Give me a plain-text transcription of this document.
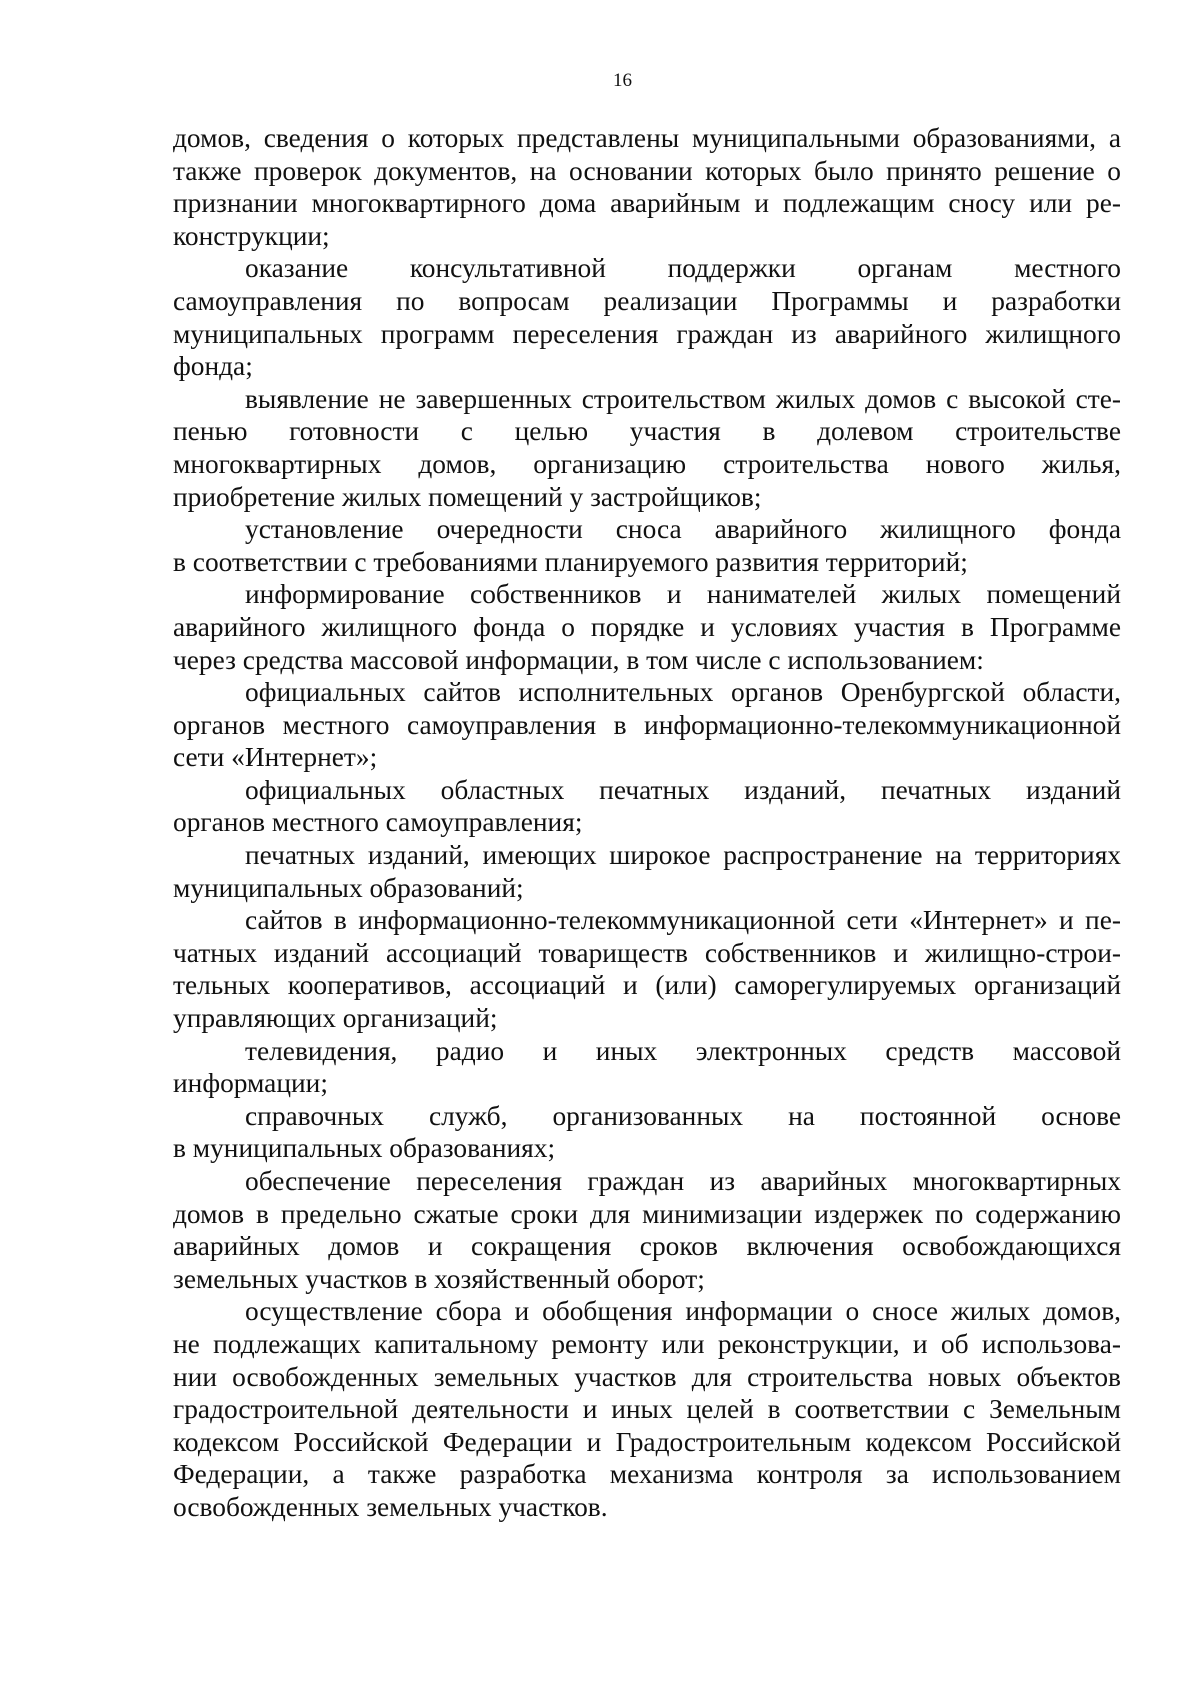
16
домов, сведения о которых представлены муниципальными образованиями, а
также проверок документов, на основании которых было принято решение о
признании многоквартирного дома аварийным и подлежащим сносу или ре-
конструкции;
оказание консультативной поддержки органам местного
самоуправления по вопросам реализации Программы и разработки
муниципальных программ переселения граждан из аварийного жилищного
фонда;
выявление не завершенных строительством жилых домов с высокой сте-
пенью готовности с целью участия в долевом строительстве
многоквартирных домов, организацию строительства нового жилья,
приобретение жилых помещений у застройщиков;
установление очередности сноса аварийного жилищного фонда
в соответствии с требованиями планируемого развития территорий;
информирование собственников и нанимателей жилых помещений
аварийного жилищного фонда о порядке и условиях участия в Программе
через средства массовой информации, в том числе с использованием:
официальных сайтов исполнительных органов Оренбургской области,
органов местного самоуправления в информационно-телекоммуникационной
сети «Интернет»;
официальных областных печатных изданий, печатных изданий
органов местного самоуправления;
печатных изданий, имеющих широкое распространение на территориях
муниципальных образований;
сайтов в информационно-телекоммуникационной сети «Интернет» и пе-
чатных изданий ассоциаций товариществ собственников и жилищно-строи-
тельных кооперативов, ассоциаций и (или) саморегулируемых организаций
управляющих организаций;
телевидения, радио и иных электронных средств массовой
информации;
справочных служб, организованных на постоянной основе
в муниципальных образованиях;
обеспечение переселения граждан из аварийных многоквартирных
домов в предельно сжатые сроки для минимизации издержек по содержанию
аварийных домов и сокращения сроков включения освобождающихся
земельных участков в хозяйственный оборот;
осуществление сбора и обобщения информации о сносе жилых домов,
не подлежащих капитальному ремонту или реконструкции, и об использова-
нии освобожденных земельных участков для строительства новых объектов
градостроительной деятельности и иных целей в соответствии с Земельным
кодексом Российской Федерации и Градостроительным кодексом Российской
Федерации, а также разработка механизма контроля за использованием
освобожденных земельных участков.
